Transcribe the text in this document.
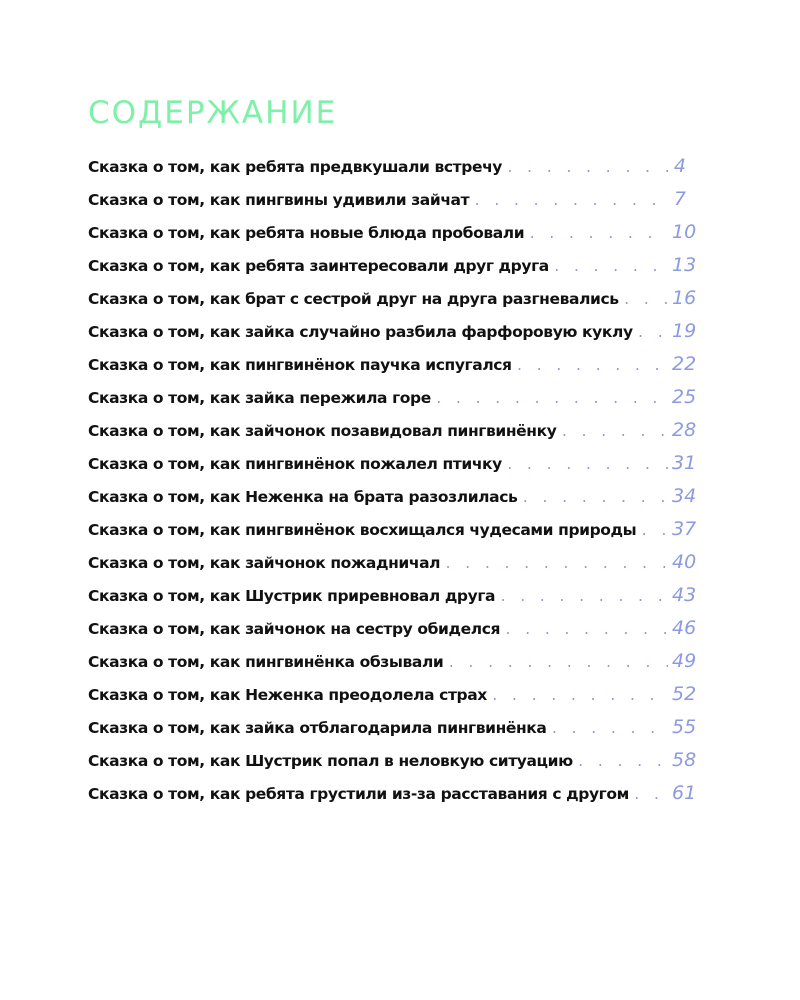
СОДЕРЖАНИЕ
Сказка о том, как ребята предвкушали встречу . . .	4
Сказка о том, как пингвины удивили зайчат . . .	7
Сказка о том, как ребята новые блюда пробовали . . .	10
Сказка о том, как ребята заинтересовали друг друга . . .	13
Сказка о том, как брат с сестрой друг на друга разгневались . . .	16
Сказка о том, как зайка случайно разбила фарфоровую куклу . . . 19
Сказка о том, как пингвинёнок паучка испугался . . .	22
Сказка о том, как зайка пережила горе . . .	25
Сказка о том, как зайчонок позавидовал пингвинёнку . . .	28
Сказка о том, как пингвинёнок пожалел птичку . . .	31
Сказка о том, как Неженка на брата разозлилась . . .	34
Сказка о том, как пингвинёнок восхищался чудесами природы . . . 37
Сказка о том, как зайчонок пожадничал . . .	40
Сказка о том, как Шустрик приревновал друга . . .	43
Сказка о том, как зайчонок на сестру обиделся . . .	46
Сказка о том, как пингвинёнка обзывали . . .	49
Сказка о том, как Неженка преодолела страх . . .	52
Сказка о том, как зайка отблагодарила пингвинёнка . . .	55
Сказка о том, как Шустрик попал в неловкую ситуацию . . .	58
Сказка о том, как ребята грустили из-за расставания с другом . . . 61
